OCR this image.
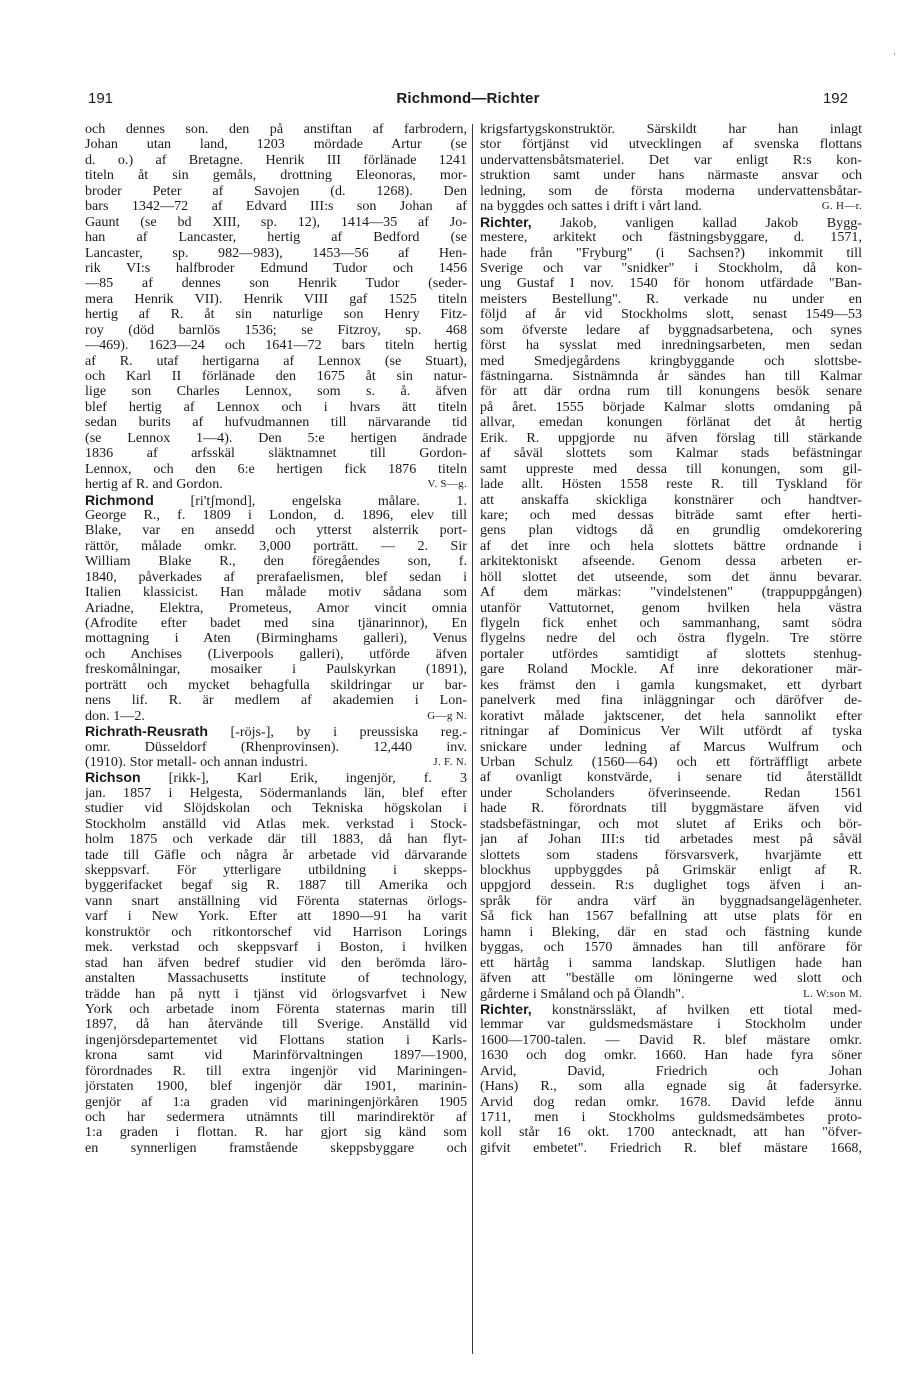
'
191	Richmond—Richter	192
och dennes son. den på anstiftan af farbrodern,
Johan utan land, 1203 mördade Artur (se
d. o.) af Bretagne. Henrik III förlänade 1241
titeln åt sin gemåls, drottning Eleonoras, mor-
broder Peter af Savojen (d. 1268). Den
bars 1342—72 af Edvard III:s son Johan af
Gaunt (se bd XIII, sp. 12), 1414—35 af Jo-
han af Lancaster, hertig af Bedford (se
Lancaster, sp. 982—983), 1453—56 af Hen-
rik VI:s halfbroder Edmund Tudor och 1456
—85 af dennes son Henrik Tudor (seder-
mera Henrik VII). Henrik VIII gaf 1525 titeln
hertig af R. åt sin naturlige son Henry Fitz-
roy (död barnlös 1536; se Fitzroy, sp. 468
—469). 1623—24 och 1641—72 bars titeln hertig
af R. utaf hertigarna af Lennox (se Stuart),
och Karl II förlänade den 1675 åt sin natur-
lige son Charles Lennox, som s. å. äfven
blef hertig af Lennox och i hvars ätt titeln
sedan burits af hufvudmannen till närvarande tid
(se Lennox 1—4). Den 5:e hertigen ändrade
1836 af arfsskäl släktnamnet till Gordon-
Lennox, och den 6:e hertigen fick 1876 titeln
hertig af R. and Gordon.	V. S—g.
Richmond [ri'tʃmond], engelska målare. 1.
George R., f. 1809 i London, d. 1896, elev till
Blake, var en ansedd och ytterst alsterrik port-
rättör, målade omkr. 3,000 porträtt. — 2. Sir
William Blake R., den föregåendes son, f.
1840, påverkades af prerafaelismen, blef sedan i
Italien klassicist. Han målade motiv sådana som
Ariadne, Elektra, Prometeus, Amor vincit omnia
(Afrodite efter badet med sina tjänarinnor), En
mottagning i Aten (Birminghams galleri), Venus
och Anchises (Liverpools galleri), utförde äfven
freskomålningar, mosaiker i Paulskyrkan (1891),
porträtt och mycket behagfulla skildringar ur bar-
nens lif. R. är medlem af akademien i Lon-
don. 1—2.	G—g N.
Richrath-Reusrath [-röjs-], by i preussiska reg.-
omr. Düsseldorf (Rhenprovinsen). 12,440 inv.
(1910). Stor metall- och annan industri.	J. F. N.
Richson [rikk-], Karl Erik, ingenjör, f. 3
jan. 1857 i Helgesta, Södermanlands län, blef efter
studier vid Slöjdskolan och Tekniska högskolan i
Stockholm anställd vid Atlas mek. verkstad i Stock-
holm 1875 och verkade där till 1883, då han flyt-
tade till Gäfle och några år arbetade vid därvarande
skeppsvarf. För ytterligare utbildning i skepps-
byggerifacket begaf sig R. 1887 till Amerika och
vann snart anställning vid Förenta staternas örlogs-
varf i New York. Efter att 1890—91 ha varit
konstruktör och ritkontorschef vid Harrison Lorings
mek. verkstad och skeppsvarf i Boston, i hvilken
stad han äfven bedref studier vid den berömda läro-
anstalten Massachusetts institute of technology,
trädde han på nytt i tjänst vid örlogsvarfvet i New
York och arbetade inom Förenta staternas marin till
1897, då han återvände till Sverige. Anställd vid
ingenjörsdepartementet vid Flottans station i Karls-
krona samt vid Marinförvaltningen 1897—1900,
förordnades R. till extra ingenjör vid Mariningen-
jörstaten 1900, blef ingenjör där 1901, marinin-
genjör af 1:a graden vid mariningenjörkåren 1905
och har sedermera utnämnts till marindirektör af
1:a graden i flottan. R. har gjort sig känd som
en synnerligen framstående skeppsbyggare och
krigsfartygskonstruktör. Särskildt har han inlagt
stor förtjänst vid utvecklingen af svenska flottans
undervattensbåtsmateriel. Det var enligt R:s kon-
struktion samt under hans närmaste ansvar och
ledning, som de första moderna undervattensbåtar-
na byggdes och sattes i drift i vårt land.	G. H—r.
Richter, Jakob, vanligen kallad Jakob Bygg-
mestere, arkitekt och fästningsbyggare, d. 1571,
hade från "Fryburg" (i Sachsen?) inkommit till
Sverige och var "snidker" i Stockholm, då kon-
ung Gustaf I nov. 1540 för honom utfärdade "Ban-
meisters Bestellung". R. verkade nu under en
följd af år vid Stockholms slott, senast 1549—53
som öfverste ledare af byggnadsarbetena, och synes
först ha sysslat med inredningsarbeten, men sedan
med Smedjegårdens kringbyggande och slottsbe-
fästningarna. Sistnämnda år sändes han till Kalmar
för att där ordna rum till konungens besök senare
på året. 1555 började Kalmar slotts omdaning på
allvar, emedan konungen förlänat det åt hertig
Erik. R. uppgjorde nu äfven förslag till stärkande
af såväl slottets som Kalmar stads befästningar
samt uppreste med dessa till konungen, som gil-
lade allt. Hösten 1558 reste R. till Tyskland för
att anskaffa skickliga konstnärer och handtver-
kare; och med dessas biträde samt efter herti-
gens plan vidtogs då en grundlig omdekorering
af det inre och hela slottets bättre ordnande i
arkitektoniskt afseende. Genom dessa arbeten er-
höll slottet det utseende, som det ännu bevarar.
Af dem märkas: "vindelstenen" (trappuppgången)
utanför Vattutornet, genom hvilken hela västra
flygeln fick enhet och sammanhang, samt södra
flygelns nedre del och östra flygeln. Tre större
portaler utfördes samtidigt af slottets stenhug-
gare Roland Mockle. Af inre dekorationer mär-
kes främst den i gamla kungsmaket, ett dyrbart
panelverk med fina inläggningar och däröfver de-
korativt målade jaktscener, det hela sannolikt efter
ritningar af Dominicus Ver Wilt utfördt af tyska
snickare under ledning af Marcus Wulfrum och
Urban Schulz (1560—64) och ett förträffligt arbete
af ovanligt konstvärde, i senare tid återställdt
under Scholanders öfverinseende. Redan 1561
hade R. förordnats till byggmästare äfven vid
stadsbefästningar, och mot slutet af Eriks och bör-
jan af Johan III:s tid arbetades mest på såväl
slottets som stadens försvarsverk, hvarjämte ett
blockhus uppbyggdes på Grimskär enligt af R.
uppgjord dessein. R:s duglighet togs äfven i an-
språk för andra värf än byggnadsangelägenheter.
Så fick han 1567 befallning att utse plats för en
hamn i Bleking, där en stad och fästning kunde
byggas, och 1570 ämnades han till anförare för
ett härtåg i samma landskap. Slutligen hade han
äfven att "beställe om löningerne wed slott och
gårderne i Småland och på Ölandh".	L. W:son M.
Richter, konstnärssläkt, af hvilken ett tiotal med-
lemmar var guldsmedsmästare i Stockholm under
1600—1700-talen. — David R. blef mästare omkr.
1630 och dog omkr. 1660. Han hade fyra söner
Arvid, David, Friedrich och Johan
(Hans) R., som alla egnade sig åt fadersyrke.
Arvid dog redan omkr. 1678. David lefde ännu
1711, men i Stockholms guldsmedsämbetes proto-
koll står 16 okt. 1700 antecknadt, att han "öfver-
gifvit embetet". Friedrich R. blef mästare 1668,
